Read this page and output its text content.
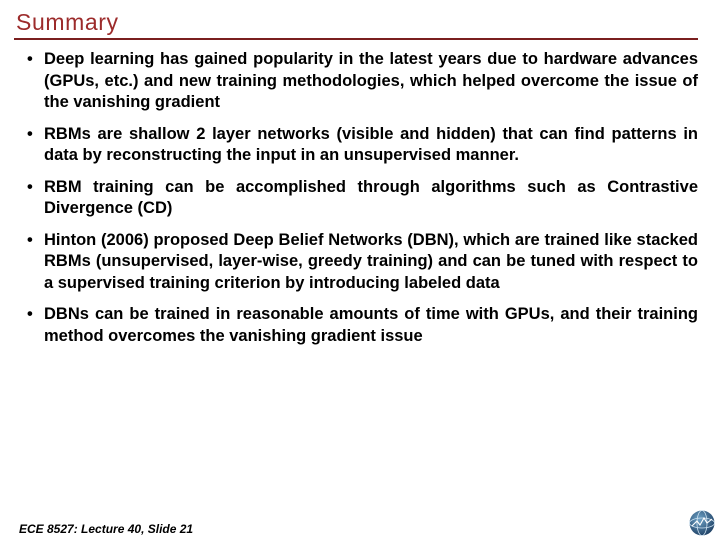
Summary
• Deep learning has gained popularity in the latest years due to hardware advances (GPUs, etc.) and new training methodologies, which helped overcome the issue of the vanishing gradient
• RBMs are shallow 2 layer networks (visible and hidden) that can find patterns in data by reconstructing the input in an unsupervised manner.
• RBM training can be accomplished through algorithms such as Contrastive Divergence (CD)
• Hinton (2006) proposed Deep Belief Networks (DBN), which are trained like stacked RBMs (unsupervised, layer-wise, greedy training) and can be tuned with respect to a supervised training criterion by introducing labeled data
• DBNs can be trained in reasonable amounts of time with GPUs, and their training method overcomes the vanishing gradient issue
ECE 8527: Lecture 40, Slide 21
